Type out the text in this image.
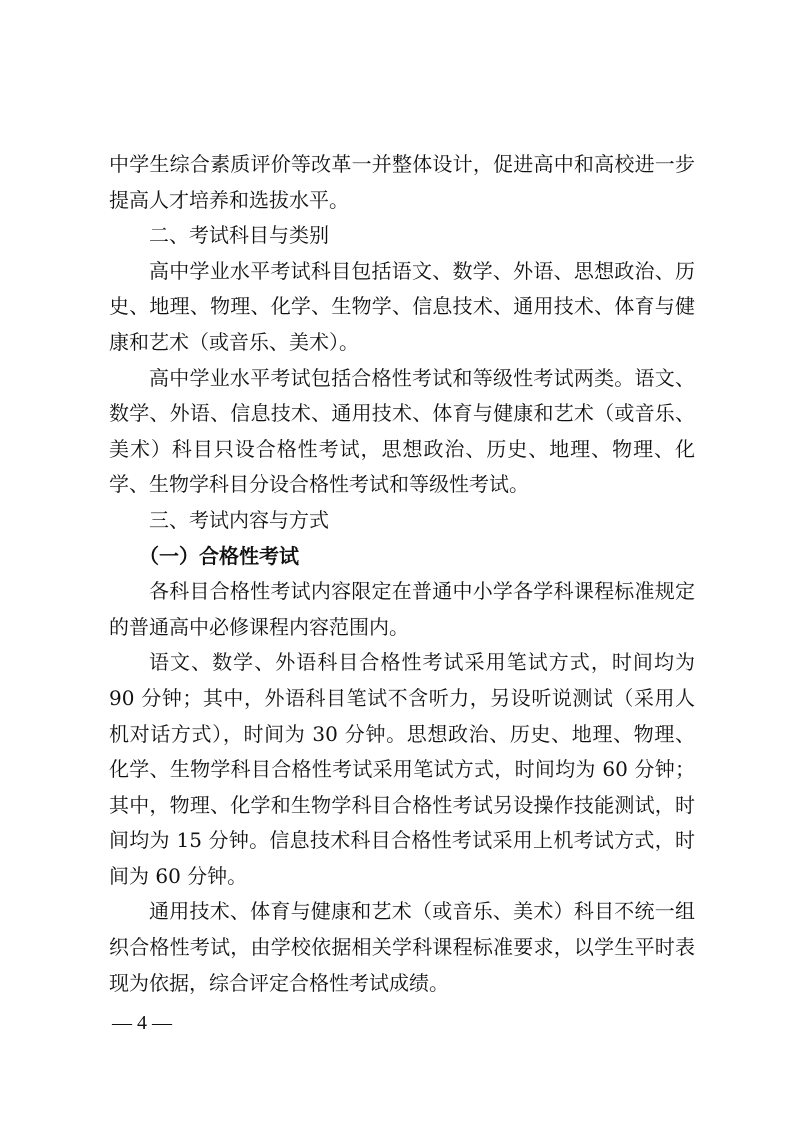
中学生综合素质评价等改革一并整体设计，促进高中和高校进一步提高人才培养和选拔水平。

二、考试科目与类别

高中学业水平考试科目包括语文、数学、外语、思想政治、历史、地理、物理、化学、生物学、信息技术、通用技术、体育与健康和艺术（或音乐、美术）。

高中学业水平考试包括合格性考试和等级性考试两类。语文、数学、外语、信息技术、通用技术、体育与健康和艺术（或音乐、美术）科目只设合格性考试，思想政治、历史、地理、物理、化学、生物学科目分设合格性考试和等级性考试。

三、考试内容与方式

（一）合格性考试

各科目合格性考试内容限定在普通中小学各学科课程标准规定的普通高中必修课程内容范围内。

语文、数学、外语科目合格性考试采用笔试方式，时间均为 90 分钟；其中，外语科目笔试不含听力，另设听说测试（采用人机对话方式），时间为 30 分钟。思想政治、历史、地理、物理、化学、生物学科目合格性考试采用笔试方式，时间均为 60 分钟；其中，物理、化学和生物学科目合格性考试另设操作技能测试，时间均为 15 分钟。信息技术科目合格性考试采用上机考试方式，时间为 60 分钟。

通用技术、体育与健康和艺术（或音乐、美术）科目不统一组织合格性考试，由学校依据相关学科课程标准要求，以学生平时表现为依据，综合评定合格性考试成绩。

— 4 —
